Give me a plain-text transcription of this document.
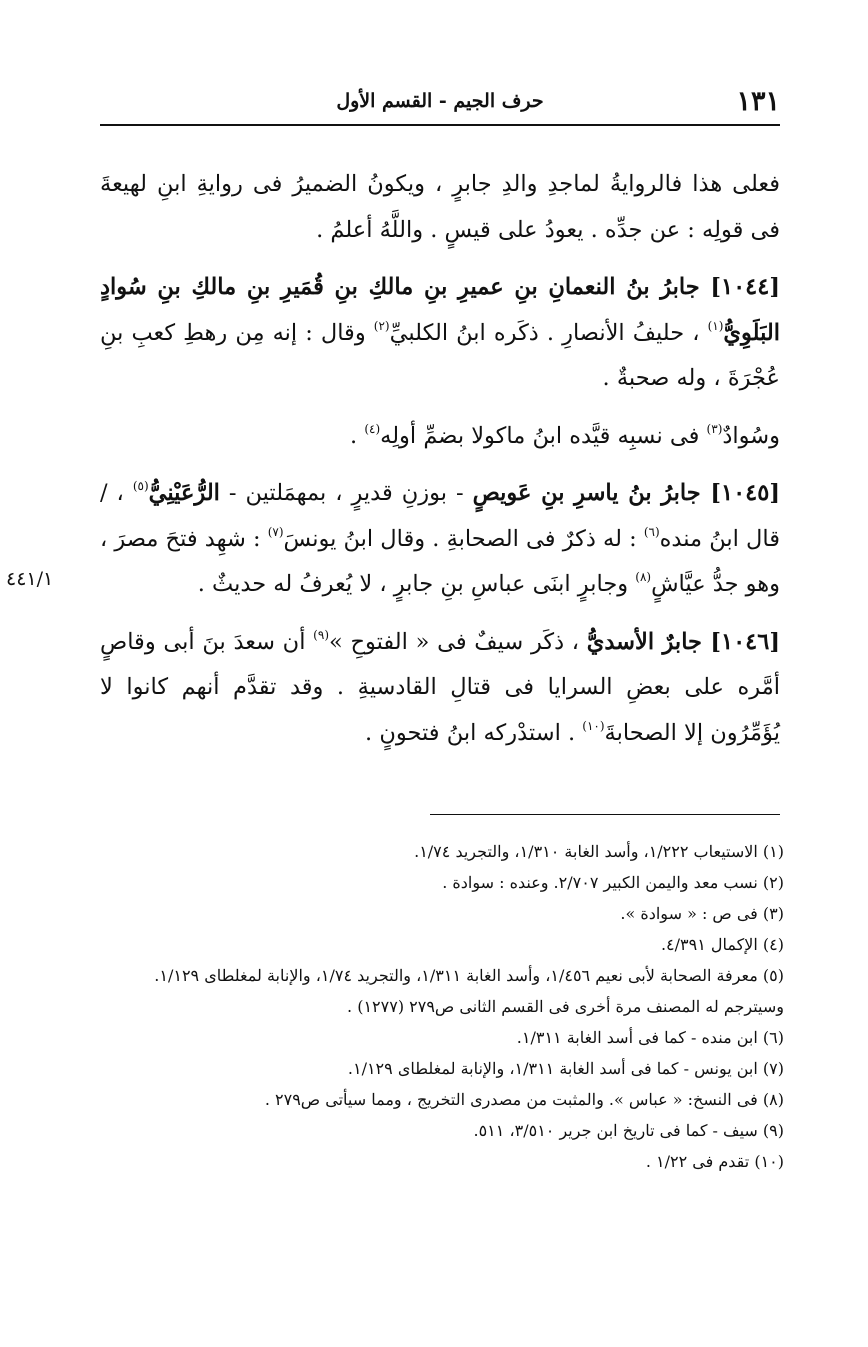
حرف الجيم - القسم الأول	١٣١

فعلى هذا فالروايةُ لماجدِ والدِ جابرٍ ، ويكونُ الضميرُ فى روايةِ ابنِ لهيعةَ فى قولِه : عن جدِّه . يعودُ على قيسٍ . واللَّهُ أعلمُ .

[١٠٤٤] جابرُ بنُ النعمانِ بنِ عميرِ بنِ مالكِ بنِ قُمَيرِ بنِ مالكِ بنِ سُوادٍ البَلَوِيُّ$^{(١)}$ ، حليفُ الأنصارِ . ذكَره ابنُ الكلبيِّ$^{(٢)}$ وقال : إنه مِن رهطِ كعبِ بنِ عُجْرَةَ ، وله صحبةٌ .

وسُوادٌ$^{(٣)}$ فى نسبِه قيَّده ابنُ ماكولا بضمِّ أولِه$^{(٤)}$ .

[١٠٤٥] جابرُ بنُ ياسرِ بنِ عَويصٍ - بوزنِ قديرٍ ، بمهمَلتين - الرُّعَيْنِيُّ$^{(٥)}$ ، / قال ابنُ منده$^{(٦)}$ : له ذكرٌ فى الصحابةِ . وقال ابنُ يونسَ$^{(٧)}$ : شهِد فتحَ مصرَ ، وهو جدُّ عيَّاشٍ$^{(٨)}$ وجابرٍ ابنَى عباسِ بنِ جابرٍ ، لا يُعرفُ له حديثٌ .

[١٠٤٦] جابرٌ الأسديُّ ، ذكَر سيفٌ فى « الفتوحِ »$^{(٩)}$ أن سعدَ بنَ أبى وقاصٍ أمَّره على بعضِ السرايا فى قتالِ القادسيةِ . وقد تقدَّم أنهم كانوا لا يُؤَمِّرُون إلا الصحابةَ$^{(١٠)}$ . استدْركه ابنُ فتحونٍ .

٤٤١/١

(١) الاستيعاب ١/٢٢٢، وأسد الغابة ١/٣١٠، والتجريد ١/٧٤.

(٢) نسب معد واليمن الكبير ٢/٧٠٧. وعنده : سوادة .

(٣) فى ص : « سوادة ».

(٤) الإكمال ٤/٣٩١.

(٥) معرفة الصحابة لأبى نعيم ١/٤٥٦، وأسد الغابة ١/٣١١، والتجريد ١/٧٤، والإنابة لمغلطاى ١/١٢٩. وسيترجم له المصنف مرة أخرى فى القسم الثانى ص٢٧٩ (١٢٧٧) .

(٦) ابن منده - كما فى أسد الغابة ١/٣١١.

(٧) ابن يونس - كما فى أسد الغابة ١/٣١١، والإنابة لمغلطاى ١/١٢٩.

(٨) فى النسخ: « عباس ». والمثبت من مصدرى التخريج ، ومما سيأتى ص٢٧٩ .

(٩) سيف - كما فى تاريخ ابن جرير ٣/٥١٠، ٥١١.

(١٠) تقدم فى ١/٢٢ .
